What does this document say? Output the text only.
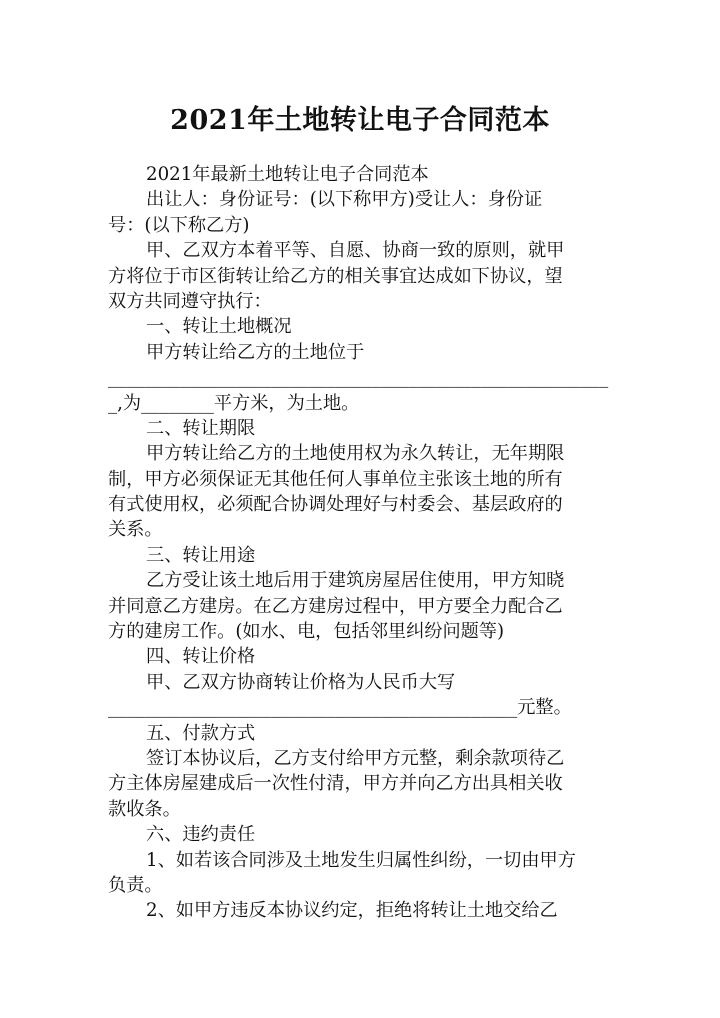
2021年土地转让电子合同范本
2021年最新土地转让电子合同范本
出让人：身份证号：(以下称甲方)受让人：身份证
号：(以下称乙方)
甲、乙双方本着平等、自愿、协商一致的原则，就甲
方将位于市区街转让给乙方的相关事宜达成如下协议，望
双方共同遵守执行：
一、转让土地概况
甲方转让给乙方的土地位于
_______________________________________________________
_,为________平方米，为土地。
二、转让期限
甲方转让给乙方的土地使用权为永久转让，无年期限
制，甲方必须保证无其他任何人事单位主张该土地的所有
有式使用权，必须配合协调处理好与村委会、基层政府的
关系。
三、转让用途
乙方受让该土地后用于建筑房屋居住使用，甲方知晓
并同意乙方建房。在乙方建房过程中，甲方要全力配合乙
方的建房工作。(如水、电，包括邻里纠纷问题等)
四、转让价格
甲、乙双方协商转让价格为人民币大写
_____________________________________________元整。
五、付款方式
签订本协议后，乙方支付给甲方元整，剩余款项待乙
方主体房屋建成后一次性付清，甲方并向乙方出具相关收
款收条。
六、违约责任
1、如若该合同涉及土地发生归属性纠纷，一切由甲方
负责。
2、如甲方违反本协议约定，拒绝将转让土地交给乙
